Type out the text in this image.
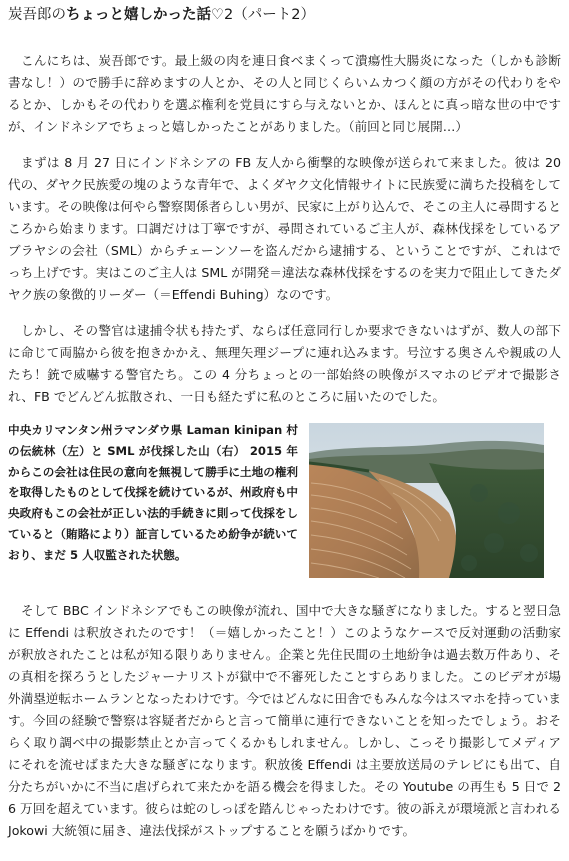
炭吾郎のちょっと嬉しかった話♡2（パート2）

こんにちは、炭吾郎です。最上級の肉を連日食べまくって潰瘍性大腸炎になった（しかも診断書なし！）ので勝手に辞めますの人とか、その人と同じくらいムカつく顔の方がその代わりをやるとか、しかもその代わりを選ぶ権利を党員にすら与えないとか、ほんとに真っ暗な世の中ですが、インドネシアでちょっと嬉しかったことがありました。（前回と同じ展開…）

まずは 8 月 27 日にインドネシアの FB 友人から衝撃的な映像が送られて来ました。彼は 20 代の、ダヤク民族愛の塊のような青年で、よくダヤク文化情報サイトに民族愛に満ちた投稿をしています。その映像は何やら警察関係者らしい男が、民家に上がり込んで、そこの主人に尋問するところから始まります。口調だけは丁寧ですが、尋問されているご主人が、森林伐採をしているアブラヤシの会社（SML）からチェーンソーを盗んだから逮捕する、ということですが、これはでっち上げです。実はこのご主人は SML が開発＝違法な森林伐採をするのを実力で阻止してきたダヤク族の象徴的リーダー（＝Effendi Buhing）なのです。

しかし、その警官は逮捕令状も持たず、ならば任意同行しか要求できないはずが、数人の部下に命じて両脇から彼を抱きかかえ、無理矢理ジープに連れ込みます。号泣する奥さんや親戚の人たち！銃で威嚇する警官たち。この 4 分ちょっとの一部始終の映像がスマホのビデオで撮影され、FB でどんどん拡散され、一日も経たずに私のところに届いたのでした。

中央カリマンタン州ラマンダウ県 Laman kinipan 村の伝統林（左）と SML が伐採した山（右） 2015 年からこの会社は住民の意向を無視して勝手に土地の権利を取得したものとして伐採を続けているが、州政府も中央政府もこの会社が正しい法的手続きに則って伐採をしていると（賄賂により）証言しているため紛争が続いており、まだ 5 人収監された状態。

そして BBC インドネシアでもこの映像が流れ、国中で大きな騒ぎになりました。すると翌日急に Effendi は釈放されたのです！（＝嬉しかったこと！）このようなケースで反対運動の活動家が釈放されたことは私が知る限りありません。企業と先住民間の土地紛争は過去数万件あり、その真相を探ろうとしたジャーナリストが獄中で不審死したことすらありました。このビデオが場外満塁逆転ホームランとなったわけです。今ではどんなに田舎でもみんな今はスマホを持っています。今回の経験で警察は容疑者だからと言って簡単に連行できないことを知ったでしょう。おそらく取り調べ中の撮影禁止とか言ってくるかもしれません。しかし、こっそり撮影してメディアにそれを流せばまた大きな騒ぎになります。釈放後 Effendi は主要放送局のテレビにも出て、自分たちがいかに不当に虐げられて来たかを語る機会を得ました。その Youtube の再生も 5 日で 26 万回を超えています。彼らは蛇のしっぽを踏んじゃったわけです。彼の訴えが環境派と言われる Jokowi 大統領に届き、違法伐採がストップすることを願うばかりです。
